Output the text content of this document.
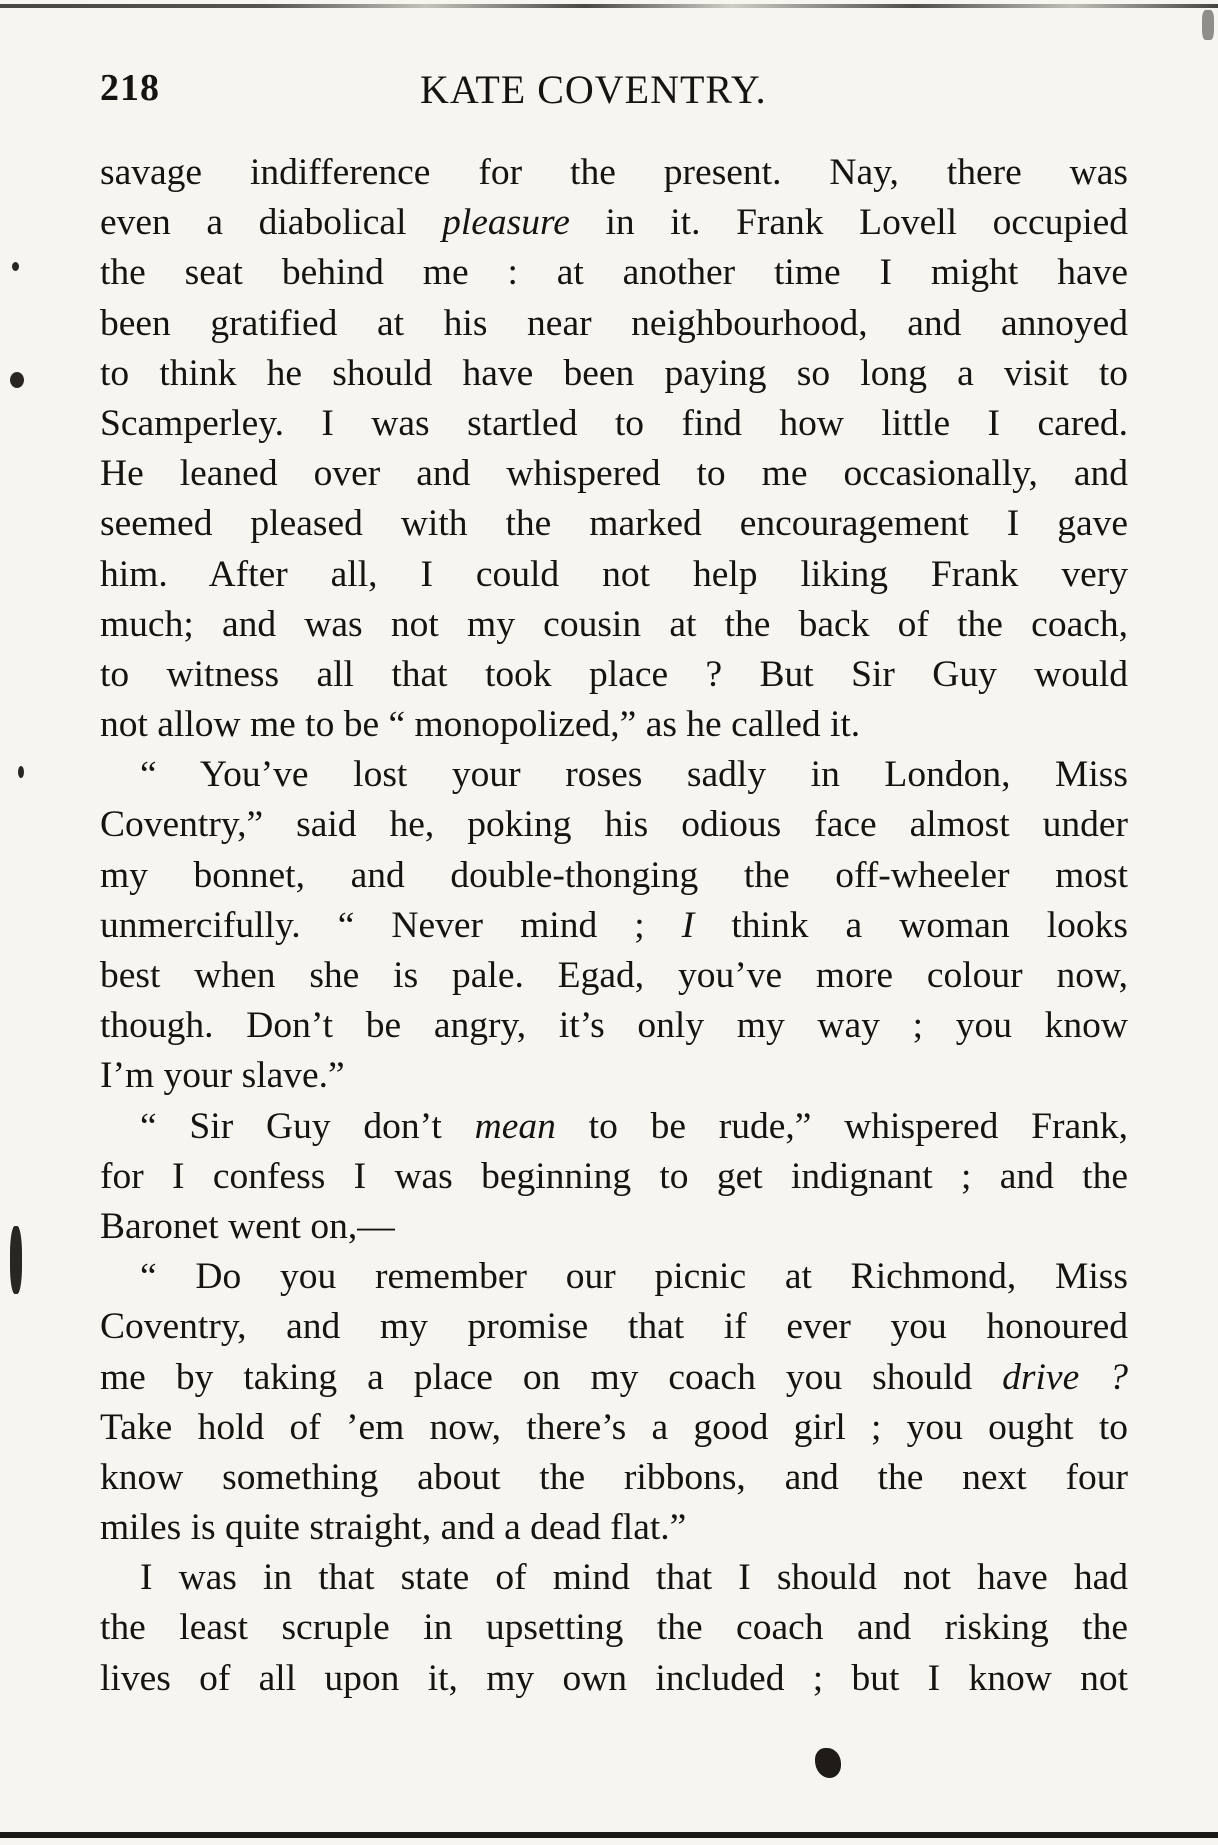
218	KATE COVENTRY.
savage indifference for the present. Nay, there was
even a diabolical pleasure in it. Frank Lovell occupied
the seat behind me : at another time I might have
been gratified at his near neighbourhood, and annoyed
to think he should have been paying so long a visit to
Scamperley. I was startled to find how little I cared.
He leaned over and whispered to me occasionally, and
seemed pleased with the marked encouragement I gave
him. After all, I could not help liking Frank very
much; and was not my cousin at the back of the coach,
to witness all that took place ? But Sir Guy would
not allow me to be “ monopolized,” as he called it.
“ You’ve lost your roses sadly in London, Miss
Coventry,” said he, poking his odious face almost under
my bonnet, and double-thonging the off-wheeler most
unmercifully. “ Never mind ; I think a woman looks
best when she is pale. Egad, you’ve more colour now,
though. Don’t be angry, it’s only my way ; you know
I’m your slave.”
“ Sir Guy don’t mean to be rude,” whispered Frank,
for I confess I was beginning to get indignant ; and the
Baronet went on,—
“ Do you remember our picnic at Richmond, Miss
Coventry, and my promise that if ever you honoured
me by taking a place on my coach you should drive ?
Take hold of ’em now, there’s a good girl ; you ought to
know something about the ribbons, and the next four
miles is quite straight, and a dead flat.”
I was in that state of mind that I should not have had
the least scruple in upsetting the coach and risking the
lives of all upon it, my own included ; but I know not
